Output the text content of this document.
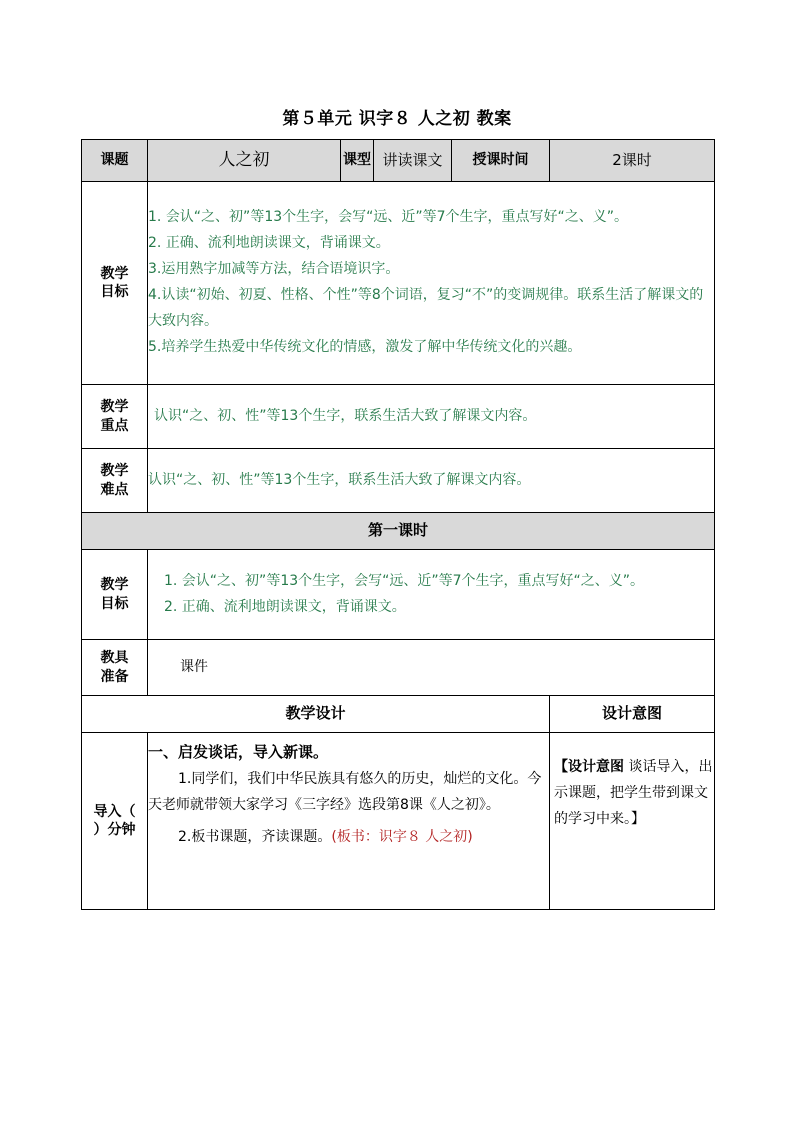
第５单元 识字８ 人之初 教案
课题	人之初	课型	讲读课文	授课时间	2课时
教学目标	1. 会认“之、初”等13个生字，会写“远、近”等7个生字，重点写好“之、义”。
2. 正确、流利地朗读课文，背诵课文。
3.运用熟字加减等方法，结合语境识字。
4.认读“初始、初夏、性格、个性”等8个词语，复习“不”的变调规律。联系生活了解课文的大致内容。
5.培养学生热爱中华传统文化的情感，激发了解中华传统文化的兴趣。				

教学重点	认识“之、初、性”等13个生字，联系生活大致了解课文内容。				
教学难点	认识“之、初、性”等13个生字，联系生活大致了解课文内容。				
第一课时					
教学目标	1. 会认“之、初”等13个生字，会写“远、近”等7个生字，重点写好“之、义”。
2. 正确、流利地朗读课文，背诵课文。				

教具准备	课件				
教学设计					设计意图
导入（ ）分钟	一、启发谈话，导入新课。
1.同学们，我们中华民族具有悠久的历史，灿烂的文化。今天老师就带领大家学习《三字经》选段第8课《人之初》。
2.板书课题，齐读课题。(板书：识字８ 人之初)				【设计意图 谈话导入，出示课题，把学生带到课文的学习中来。】
